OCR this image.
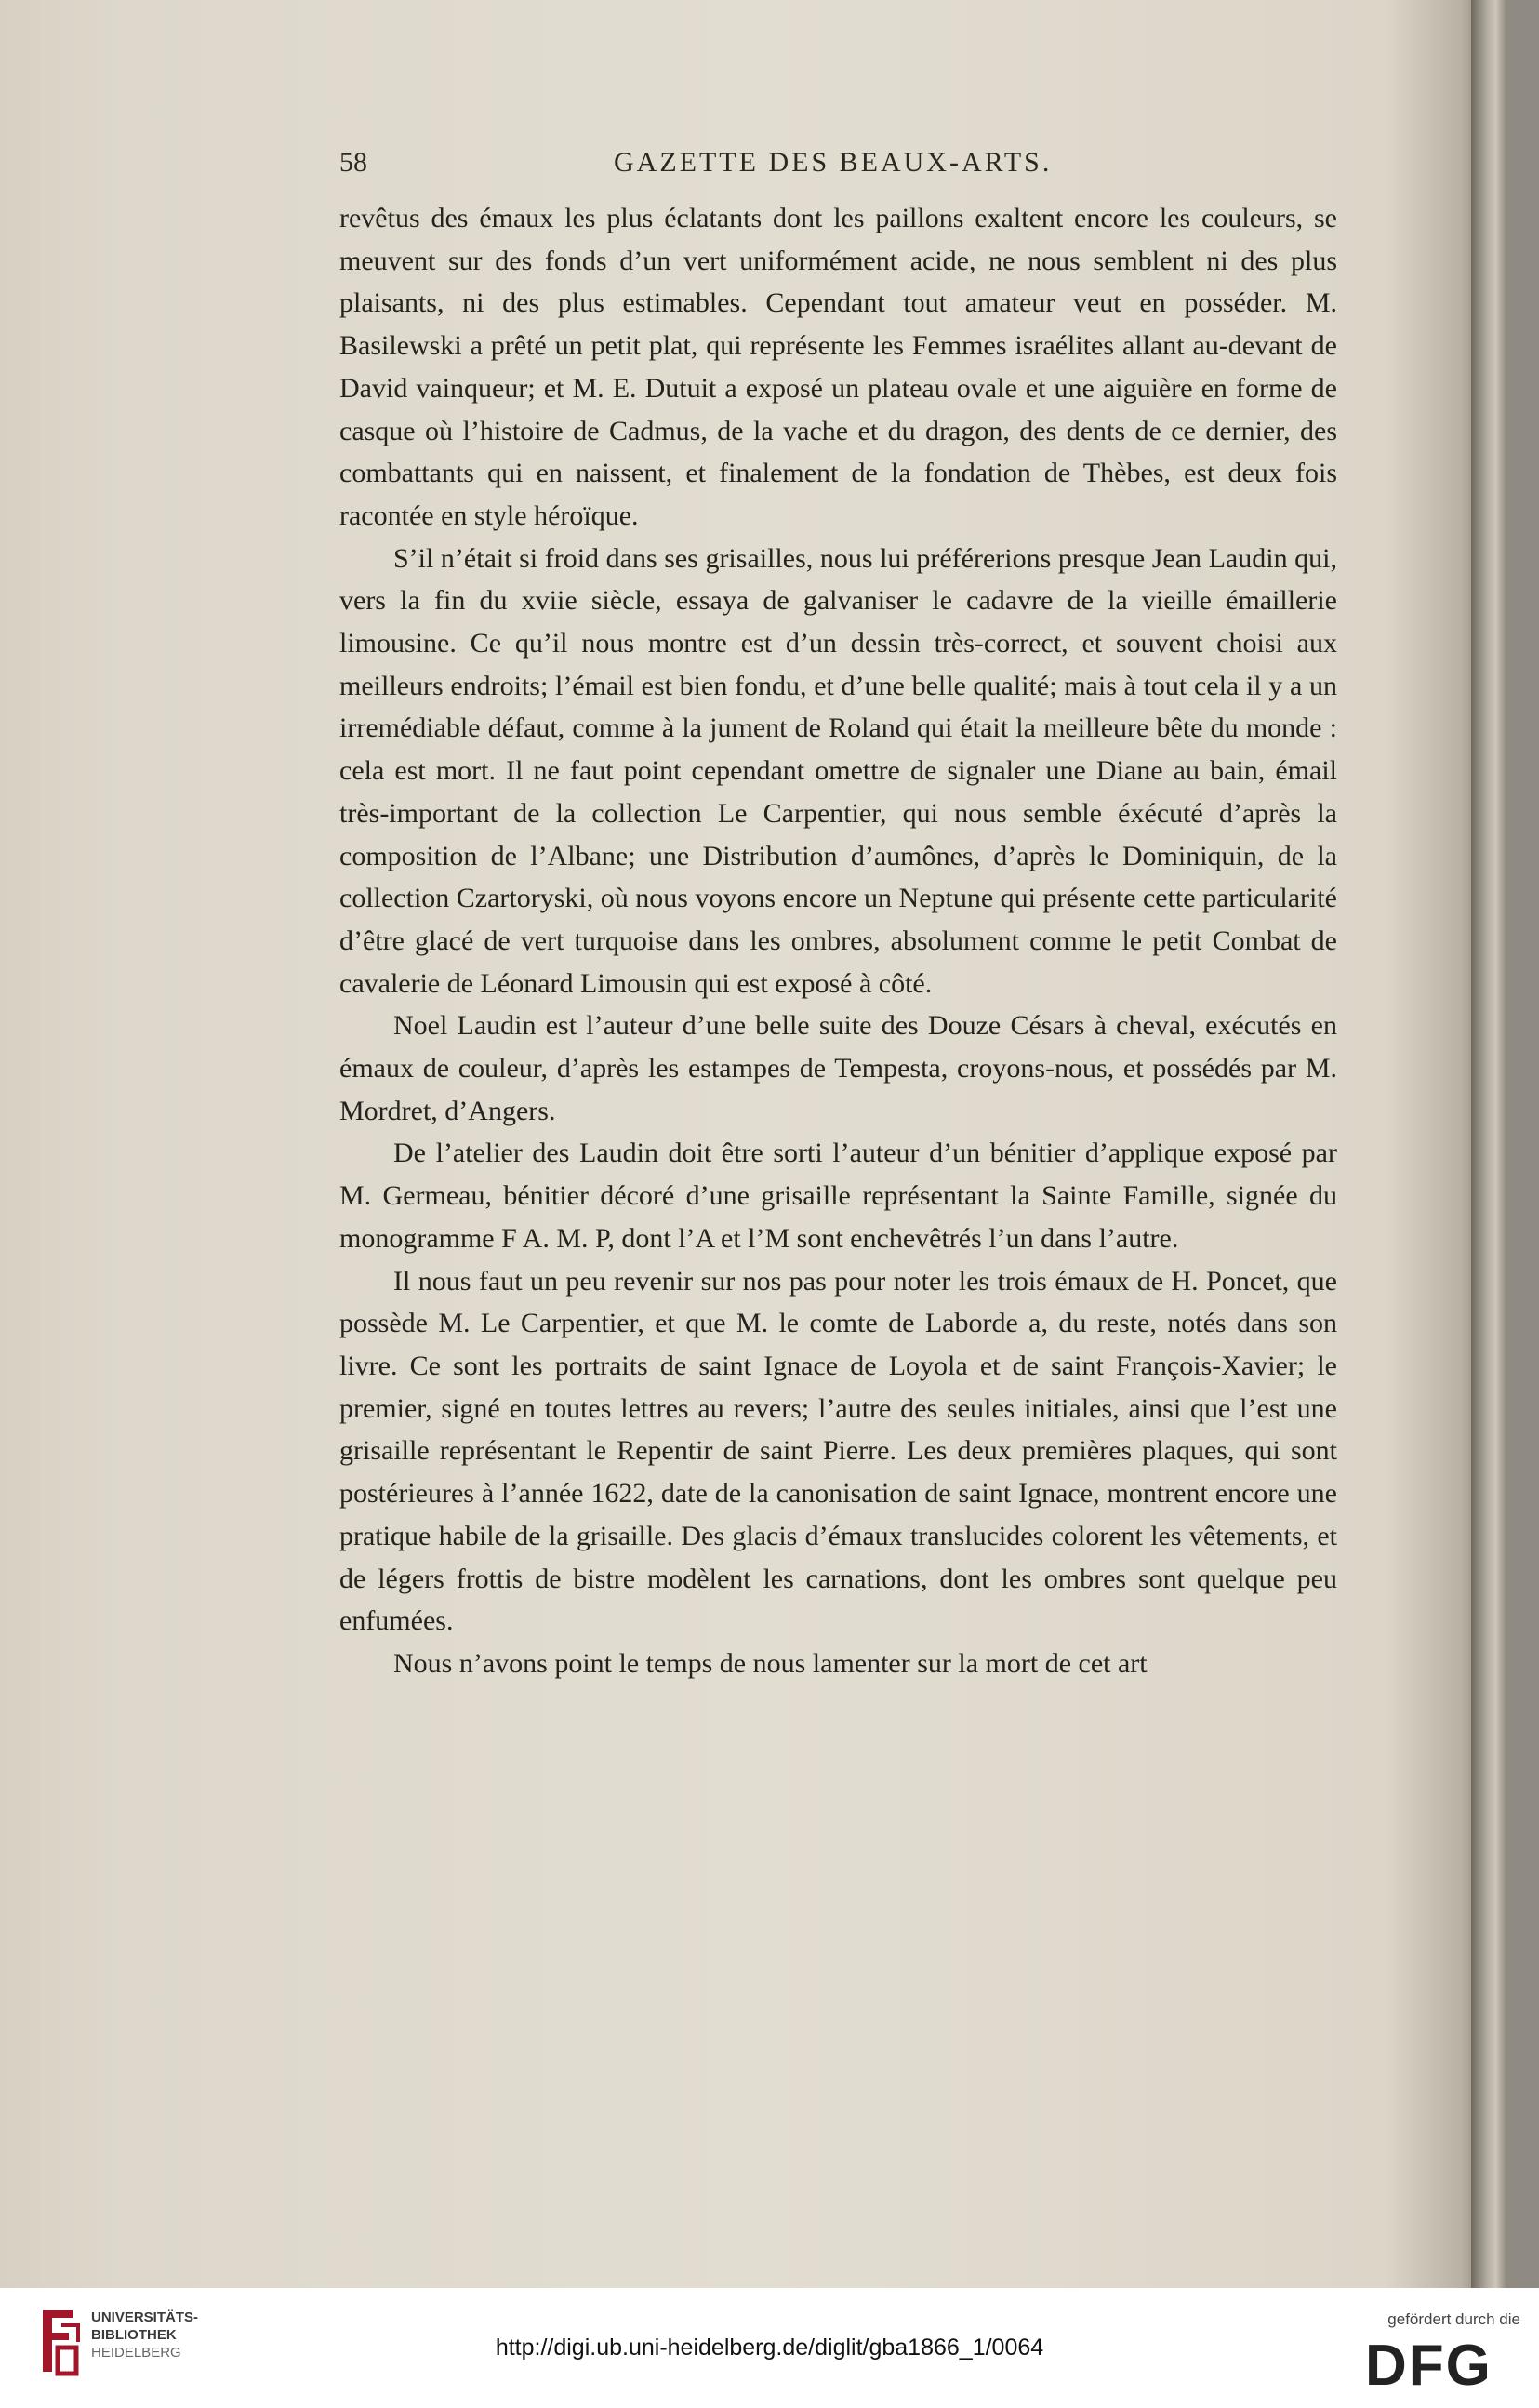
58	GAZETTE DES BEAUX-ARTS.

revêtus des émaux les plus éclatants dont les paillons exaltent encore les couleurs, se meuvent sur des fonds d’un vert uniformément acide, ne nous semblent ni des plus plaisants, ni des plus estimables. Cependant tout amateur veut en posséder. M. Basilewski a prêté un petit plat, qui représente les Femmes israélites allant au-devant de David vainqueur; et M. E. Dutuit a exposé un plateau ovale et une aiguière en forme de casque où l’histoire de Cadmus, de la vache et du dragon, des dents de ce dernier, des combattants qui en naissent, et finalement de la fondation de Thèbes, est deux fois racontée en style héroïque.

S’il n’était si froid dans ses grisailles, nous lui préférerions presque Jean Laudin qui, vers la fin du xviie siècle, essaya de galvaniser le cadavre de la vieille émaillerie limousine. Ce qu’il nous montre est d’un dessin très-correct, et souvent choisi aux meilleurs endroits; l’émail est bien fondu, et d’une belle qualité; mais à tout cela il y a un irremédiable défaut, comme à la jument de Roland qui était la meilleure bête du monde : cela est mort. Il ne faut point cependant omettre de signaler une Diane au bain, émail très-important de la collection Le Carpentier, qui nous semble éxécuté d’après la composition de l’Albane; une Distribution d’aumônes, d’après le Dominiquin, de la collection Czartoryski, où nous voyons encore un Neptune qui présente cette particularité d’être glacé de vert turquoise dans les ombres, absolument comme le petit Combat de cavalerie de Léonard Limousin qui est exposé à côté.

Noel Laudin est l’auteur d’une belle suite des Douze Césars à cheval, exécutés en émaux de couleur, d’après les estampes de Tempesta, croyons-nous, et possédés par M. Mordret, d’Angers.

De l’atelier des Laudin doit être sorti l’auteur d’un bénitier d’applique exposé par M. Germeau, bénitier décoré d’une grisaille représentant la Sainte Famille, signée du monogramme F A. M. P, dont l’A et l’M sont enchevêtrés l’un dans l’autre.

Il nous faut un peu revenir sur nos pas pour noter les trois émaux de H. Poncet, que possède M. Le Carpentier, et que M. le comte de Laborde a, du reste, notés dans son livre. Ce sont les portraits de saint Ignace de Loyola et de saint François-Xavier; le premier, signé en toutes lettres au revers; l’autre des seules initiales, ainsi que l’est une grisaille représentant le Repentir de saint Pierre. Les deux premières plaques, qui sont postérieures à l’année 1622, date de la canonisation de saint Ignace, montrent encore une pratique habile de la grisaille. Des glacis d’émaux translucides colorent les vêtements, et de légers frottis de bistre modèlent les carnations, dont les ombres sont quelque peu enfumées.

Nous n’avons point le temps de nous lamenter sur la mort de cet art

UNIVERSITÄTS-
BIBLIOTHEK
HEIDELBERG	http://digi.ub.uni-heidelberg.de/diglit/gba1866_1/0064
gefördert durch die
DFG
